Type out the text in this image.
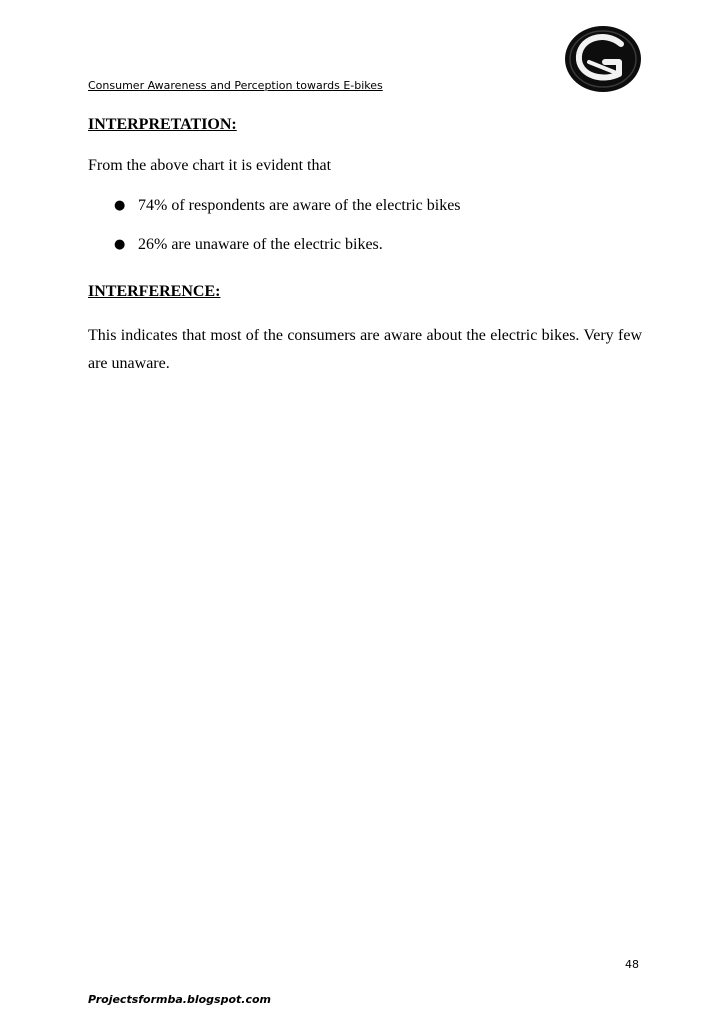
Consumer Awareness and Perception towards E-bikes
INTERPRETATION:
From the above chart it is evident that
● 74% of respondents are aware of the electric bikes
● 26% are unaware of the electric bikes.
INTERFERENCE:
This indicates that most of the consumers are aware about the electric bikes. Very few are unaware.
48
Projectsformba.blogspot.com
